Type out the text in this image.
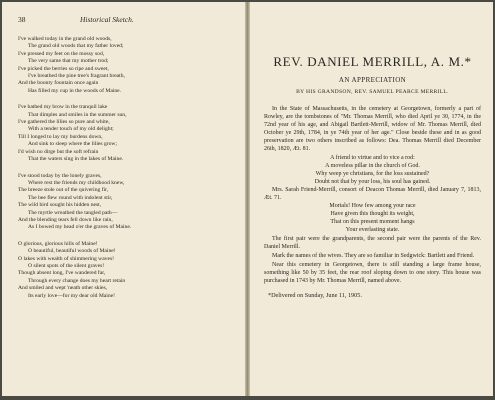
38	Historical Sketch.
I've walked today in the grand old woods,
The grand old woods that my father loved;
I've pressed my feet on the mossy sod,
The very same that my mother trod;
I've picked the berries so ripe and sweet,
I've breathed the pine tree's fragrant breath,
And the bounty fountain once again
Has filled my cup in the woods of Maine.
I've bathed my brow in the tranquil lake
That dimples and smiles in the summer sun,
I've gathered the lilies so pure and white,
With a tender touch of my old delight;
Till I longed to lay my burdens down,
And sink to sleep where the lilies grow;
I'd wish no dirge but the soft refrain
That the waters sing in the lakes of Maine.
I've stood today by the lonely graves,
Where rest the friends my childhood knew,
The breeze stole out of the quivering fir,
The bee flew round with indolent stir,
The wild bird sought his hidden nest,
The myrtle wreathed the tangled path—
And the blending tears fell down like rain,
As I bowed my head o'er the graves of Maine.
O glorious, glorious hills of Maine!
O beautiful, beautiful woods of Maine!
O lakes with wealth of shimmering waves!
O silent spots of the silent graves!
Though absent long, I've wandered far,
Through every change does my heart retain
And smiled and wept 'neath other skies,
Its early love—for my dear old Maine!
REV. DANIEL MERRILL, A. M.*
AN APPRECIATION
BY HIS GRANDSON, REV. SAMUEL PEARCE MERRILL.

In the State of Massachusetts, in the cemetery at Georgetown, formerly a part of Rowley, are the tombstones of "Mr. Thomas Merrill, who died April ye 30, 1774, in the 72nd year of his age, and Abigail Bartlett-Merrill, widow of Mr. Thomas Merrill, died October ye 29th, 1784, in ye 74th year of her age." Close beside these and in as good preservation are two others inscribed as follows: Dea. Thomas Merrill died December 26th, 1820, Æt. 81.

A friend to virtue and to vice a rod:
A moveless pillar in the church of God.
Why weep ye christians, for the loss sustained?
Doubt not that by your loss, his soul has gained.

Mrs. Sarah Friend-Merrill, consort of Deacon Thomas Merrill, died January 7, 1813, Æt. 71.

Mortals! How few among your race
Have given this thought its weight,
That on this present moment hangs
Your everlasting state.

The first pair were the grandparents, the second pair were the parents of the Rev. Daniel Merrill.

Mark the names of the wives. They are so familiar in Sedgwick: Bartlett and Friend.

Near this cemetery in Georgetown, there is still standing a large frame house, something like 50 by 35 feet, the rear roof sloping down to one story. This house was purchased in 1743 by Mr. Thomas Merrill, named above.

*Delivered on Sunday, June 11, 1905.
